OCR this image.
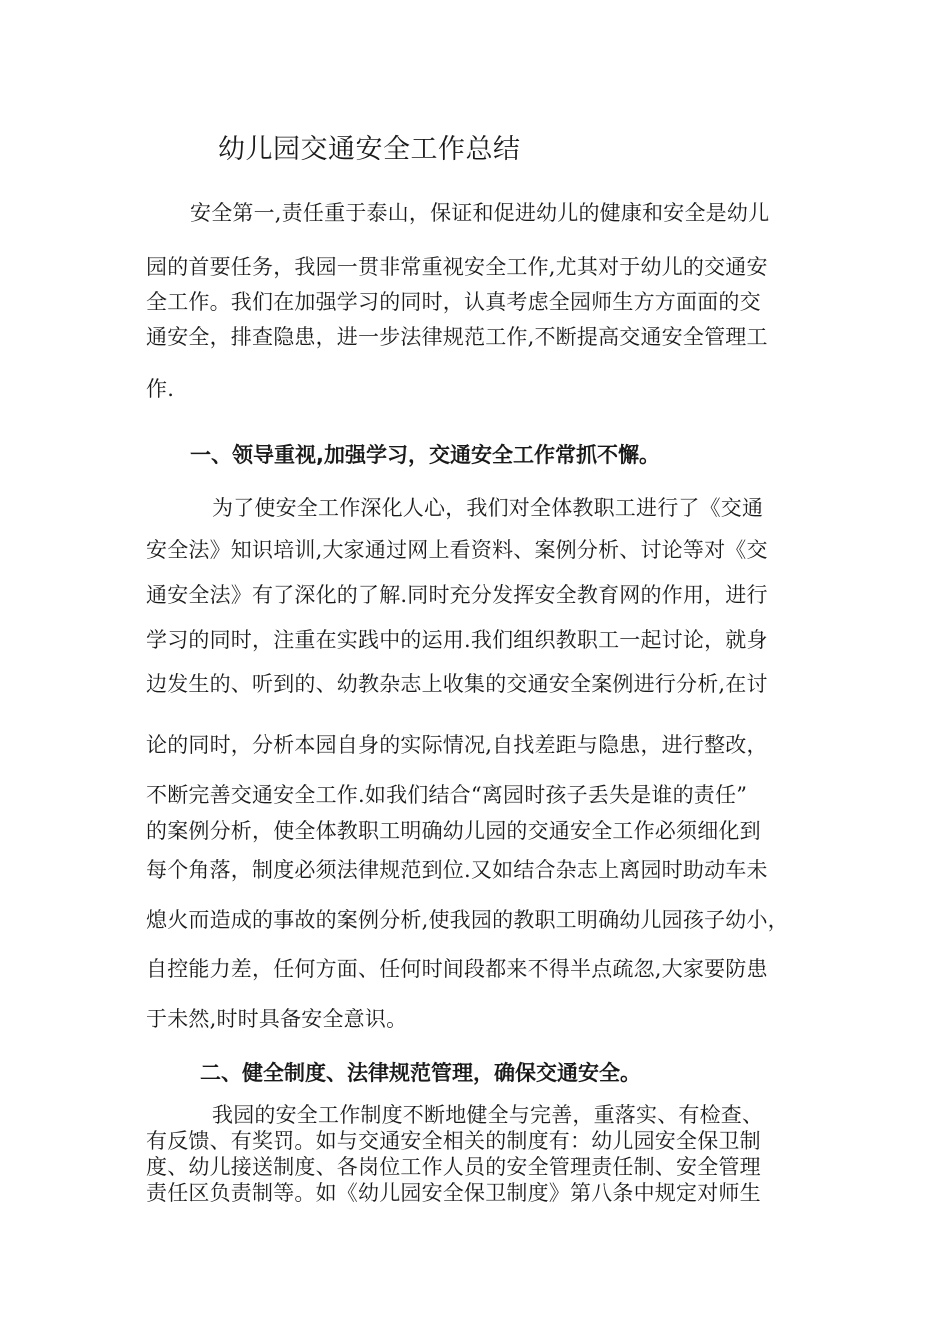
幼儿园交通安全工作总结
安全第一,责任重于泰山，保证和促进幼儿的健康和安全是幼儿
园的首要任务，我园一贯非常重视安全工作,尤其对于幼儿的交通安
全工作。我们在加强学习的同时，认真考虑全园师生方方面面的交
通安全，排查隐患，进一步法律规范工作,不断提高交通安全管理工
作.
一、领导重视,加强学习，交通安全工作常抓不懈。
为了使安全工作深化人心，我们对全体教职工进行了《交通
安全法》知识培训,大家通过网上看资料、案例分析、讨论等对《交
通安全法》有了深化的了解.同时充分发挥安全教育网的作用，进行
学习的同时，注重在实践中的运用.我们组织教职工一起讨论，就身
边发生的、听到的、幼教杂志上收集的交通安全案例进行分析,在讨
论的同时，分析本园自身的实际情况,自找差距与隐患，进行整改，
不断完善交通安全工作.如我们结合“离园时孩子丢失是谁的责任”
的案例分析，使全体教职工明确幼儿园的交通安全工作必须细化到
每个角落，制度必须法律规范到位.又如结合杂志上离园时助动车未
熄火而造成的事故的案例分析,使我园的教职工明确幼儿园孩子幼小，
自控能力差，任何方面、任何时间段都来不得半点疏忽,大家要防患
于未然,时时具备安全意识。
二、健全制度、法律规范管理，确保交通安全。
我园的安全工作制度不断地健全与完善，重落实、有检查、
有反馈、有奖罚。如与交通安全相关的制度有：幼儿园安全保卫制
度、幼儿接送制度、各岗位工作人员的安全管理责任制、安全管理
责任区负责制等。如《幼儿园安全保卫制度》第八条中规定对师生
